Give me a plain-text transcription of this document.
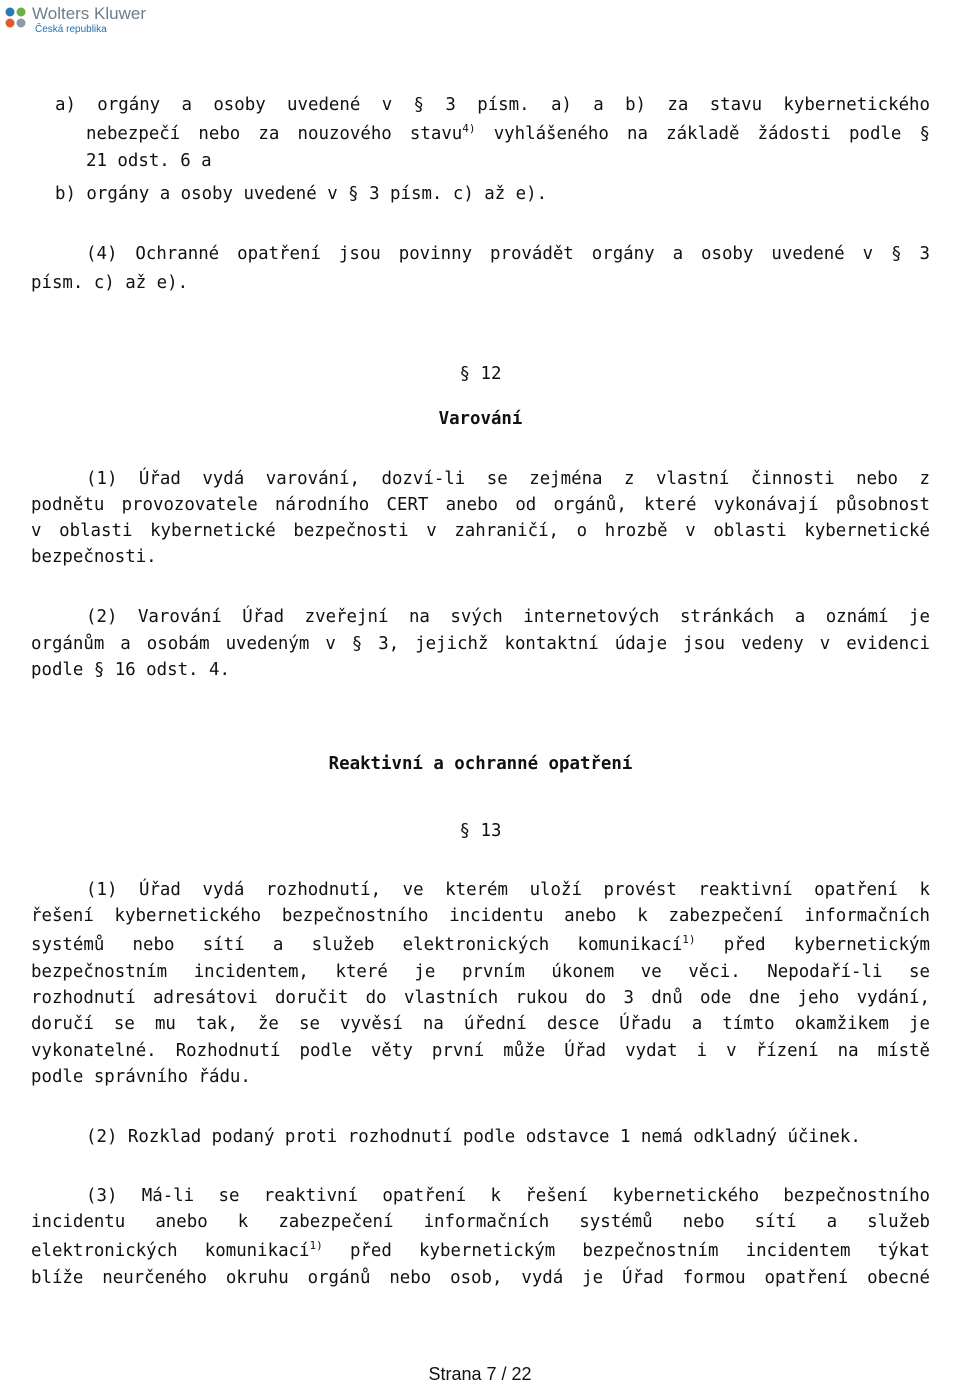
Wolters Kluwer
Česká republika

a) orgány a osoby uvedené v § 3 písm. a) a b) za stavu kybernetického

nebezpečí nebo za nouzového stavu$^{4)}$ vyhlášeného na základě žádosti podle §

21 odst. 6 a

b) orgány a osoby uvedené v § 3 písm. c) až e).

(4) Ochranné opatření jsou povinny provádět orgány a osoby uvedené v § 3

písm. c) až e).

§ 12

Varování

(1) Úřad vydá varování, dozví-li se zejména z vlastní činnosti nebo z

podnětu provozovatele národního CERT anebo od orgánů, které vykonávají působnost

v oblasti kybernetické bezpečnosti v zahraničí, o hrozbě v oblasti kybernetické

bezpečnosti.

(2) Varování Úřad zveřejní na svých internetových stránkách a oznámí je

orgánům a osobám uvedeným v § 3, jejichž kontaktní údaje jsou vedeny v evidenci

podle § 16 odst. 4.

Reaktivní a ochranné opatření

§ 13

(1) Úřad vydá rozhodnutí, ve kterém uloží provést reaktivní opatření k

řešení kybernetického bezpečnostního incidentu anebo k zabezpečení informačních

systémů nebo sítí a služeb elektronických komunikací$^{1)}$ před kybernetickým

bezpečnostním incidentem, které je prvním úkonem ve věci. Nepodaří-li se

rozhodnutí adresátovi doručit do vlastních rukou do 3 dnů ode dne jeho vydání,

doručí se mu tak, že se vyvěsí na úřední desce Úřadu a tímto okamžikem je

vykonatelné. Rozhodnutí podle věty první může Úřad vydat i v řízení na místě

podle správního řádu.

(2) Rozklad podaný proti rozhodnutí podle odstavce 1 nemá odkladný účinek.

(3) Má-li se reaktivní opatření k řešení kybernetického bezpečnostního

incidentu anebo k zabezpečení informačních systémů nebo sítí a služeb

elektronických komunikací$^{1)}$ před kybernetickým bezpečnostním incidentem týkat

blíže neurčeného okruhu orgánů nebo osob, vydá je Úřad formou opatření obecné

Strana 7 / 22
